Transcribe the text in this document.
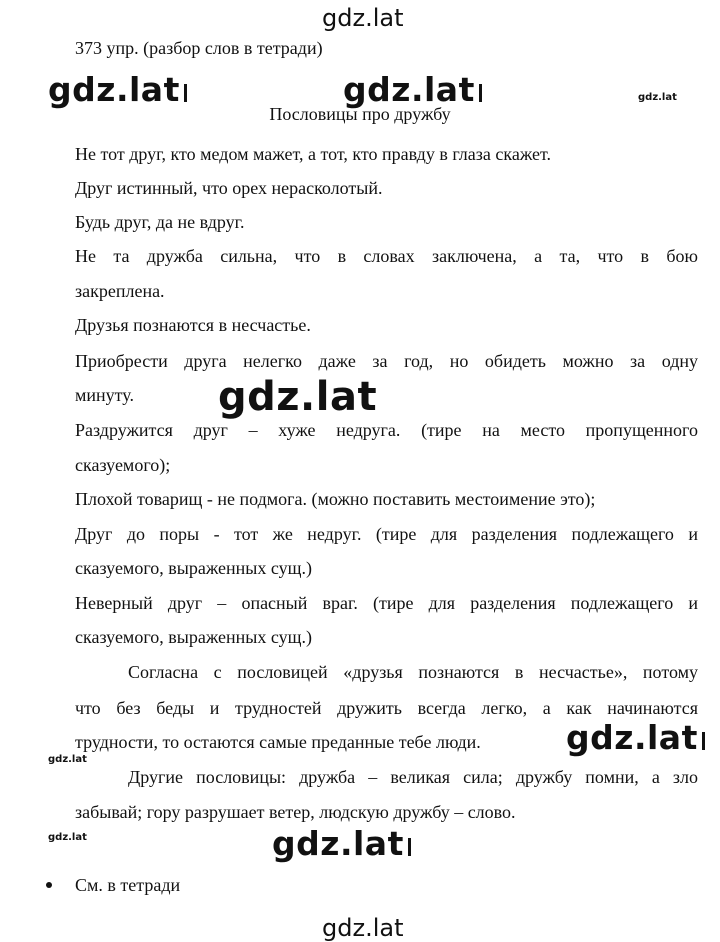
gdz.lat
gdz.lat	gdz.lat	gdz.lat
gdz.lat
gdz.lat
gdz.lat
gdz.lat	gdz.lat
gdz.lat
373 упр. (разбор слов в тетради)
Пословицы про дружбу
Не тот друг, кто медом мажет, а тот, кто правду в глаза скажет.
Друг истинный, что орех нерасколотый.
Будь друг, да не вдруг.
Не та дружба сильна, что в словах заключена, а та, что в бою
закреплена.
Друзья познаются в несчастье.
Приобрести друга нелегко даже за год, но обидеть можно за одну
минуту.
Раздружится друг – хуже недруга. (тире на место пропущенного
сказуемого);
Плохой товарищ - не подмога. (можно поставить местоимение это);
Друг до поры - тот же недруг. (тире для разделения подлежащего и
сказуемого, выраженных сущ.)
Неверный друг – опасный враг. (тире для разделения подлежащего и
сказуемого, выраженных сущ.)
Согласна с пословицей «друзья познаются в несчастье», потому
что без беды и трудностей дружить всегда легко, а как начинаются
трудности, то остаются самые преданные тебе люди.
Другие пословицы: дружба – великая сила; дружбу помни, а зло
забывай; гору разрушает ветер, людскую дружбу – слово.
См. в тетради
